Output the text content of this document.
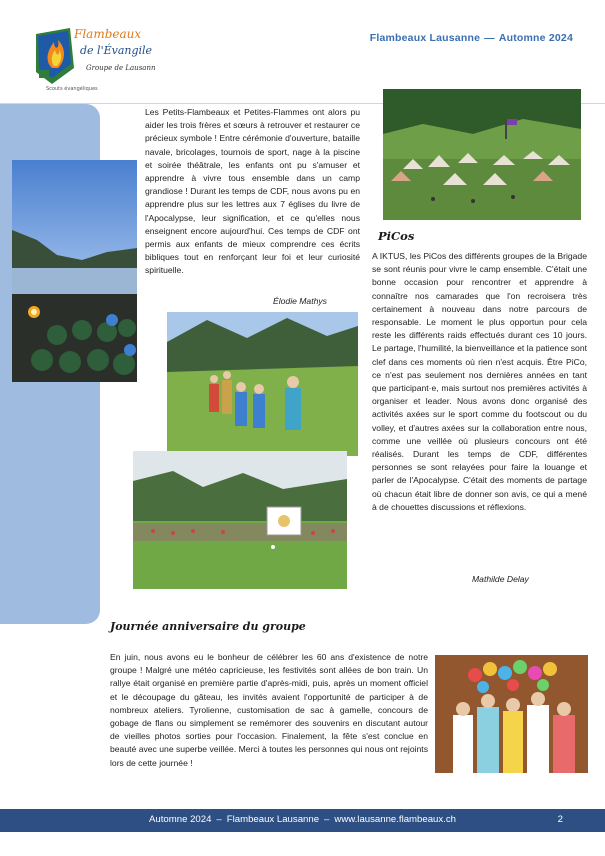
Flambeaux
de l'Évangile
Groupe de Lausanne
Scouts évangéliques
Flambeaux Lausanne — Automne 2024

Les Petits-Flambeaux et Petites-Flammes ont alors pu aider les trois frères et sœurs à retrouver et restaurer ce précieux symbole ! Entre cérémonie d'ouverture, bataille navale, bricolages, tournois de sport, nage à la piscine et soirée théâtrale, les enfants ont pu s'amuser et apprendre à vivre tous ensemble dans un camp grandiose ! Durant les temps de CDF, nous avons pu en apprendre plus sur les lettres aux 7 églises du livre de l'Apocalypse, leur signification, et ce qu'elles nous enseignent encore aujourd'hui. Ces temps de CDF ont permis aux enfants de mieux comprendre ces écrits bibliques tout en renforçant leur foi et leur curiosité spirituelle.

Élodie Mathys
PiCos

A IKTUS, les PiCos des différents groupes de la Brigade se sont réunis pour vivre le camp ensemble. C'était une bonne occasion pour rencontrer et apprendre à connaître nos camarades que l'on recroisera très certainement à nouveau dans notre parcours de responsable. Le moment le plus opportun pour cela reste les différents raids effectués durant ces 10 jours. Le partage, l'humilité, la bienveillance et la patience sont clef dans ces moments où rien n'est acquis. Être PiCo, ce n'est pas seulement nos dernières années en tant que participant·e, mais surtout nos premières activités à organiser et leader. Nous avons donc organisé des activités axées sur le sport comme du footscout ou du volley, et d'autres axées sur la collaboration entre nous, comme une veillée où plusieurs concours ont été réalisés. Durant les temps de CDF, différentes personnes se sont relayées pour faire la louange et parler de l'Apocalypse. C'était des moments de partage où chacun était libre de donner son avis, ce qui a mené à de chouettes discussions et réflexions.

Mathilde Delay
Journée anniversaire du groupe

En juin, nous avons eu le bonheur de célébrer les 60 ans d'existence de notre groupe ! Malgré une météo capricieuse, les festivités sont allées de bon train. Un rallye était organisé en première partie d'après-midi, puis, après un moment officiel et le découpage du gâteau, les invités avaient l'opportunité de participer à de nombreux ateliers. Tyrolienne, customisation de sac à gamelle, concours de gobage de flans ou simplement se remémorer des souvenirs en discutant autour de vieilles photos sorties pour l'occasion. Finalement, la fête s'est conclue en beauté avec une superbe veillée. Merci à toutes les personnes qui nous ont rejoints lors de cette journée !

Automne 2024 – Flambeaux Lausanne – www.lausanne.flambeaux.ch	2
